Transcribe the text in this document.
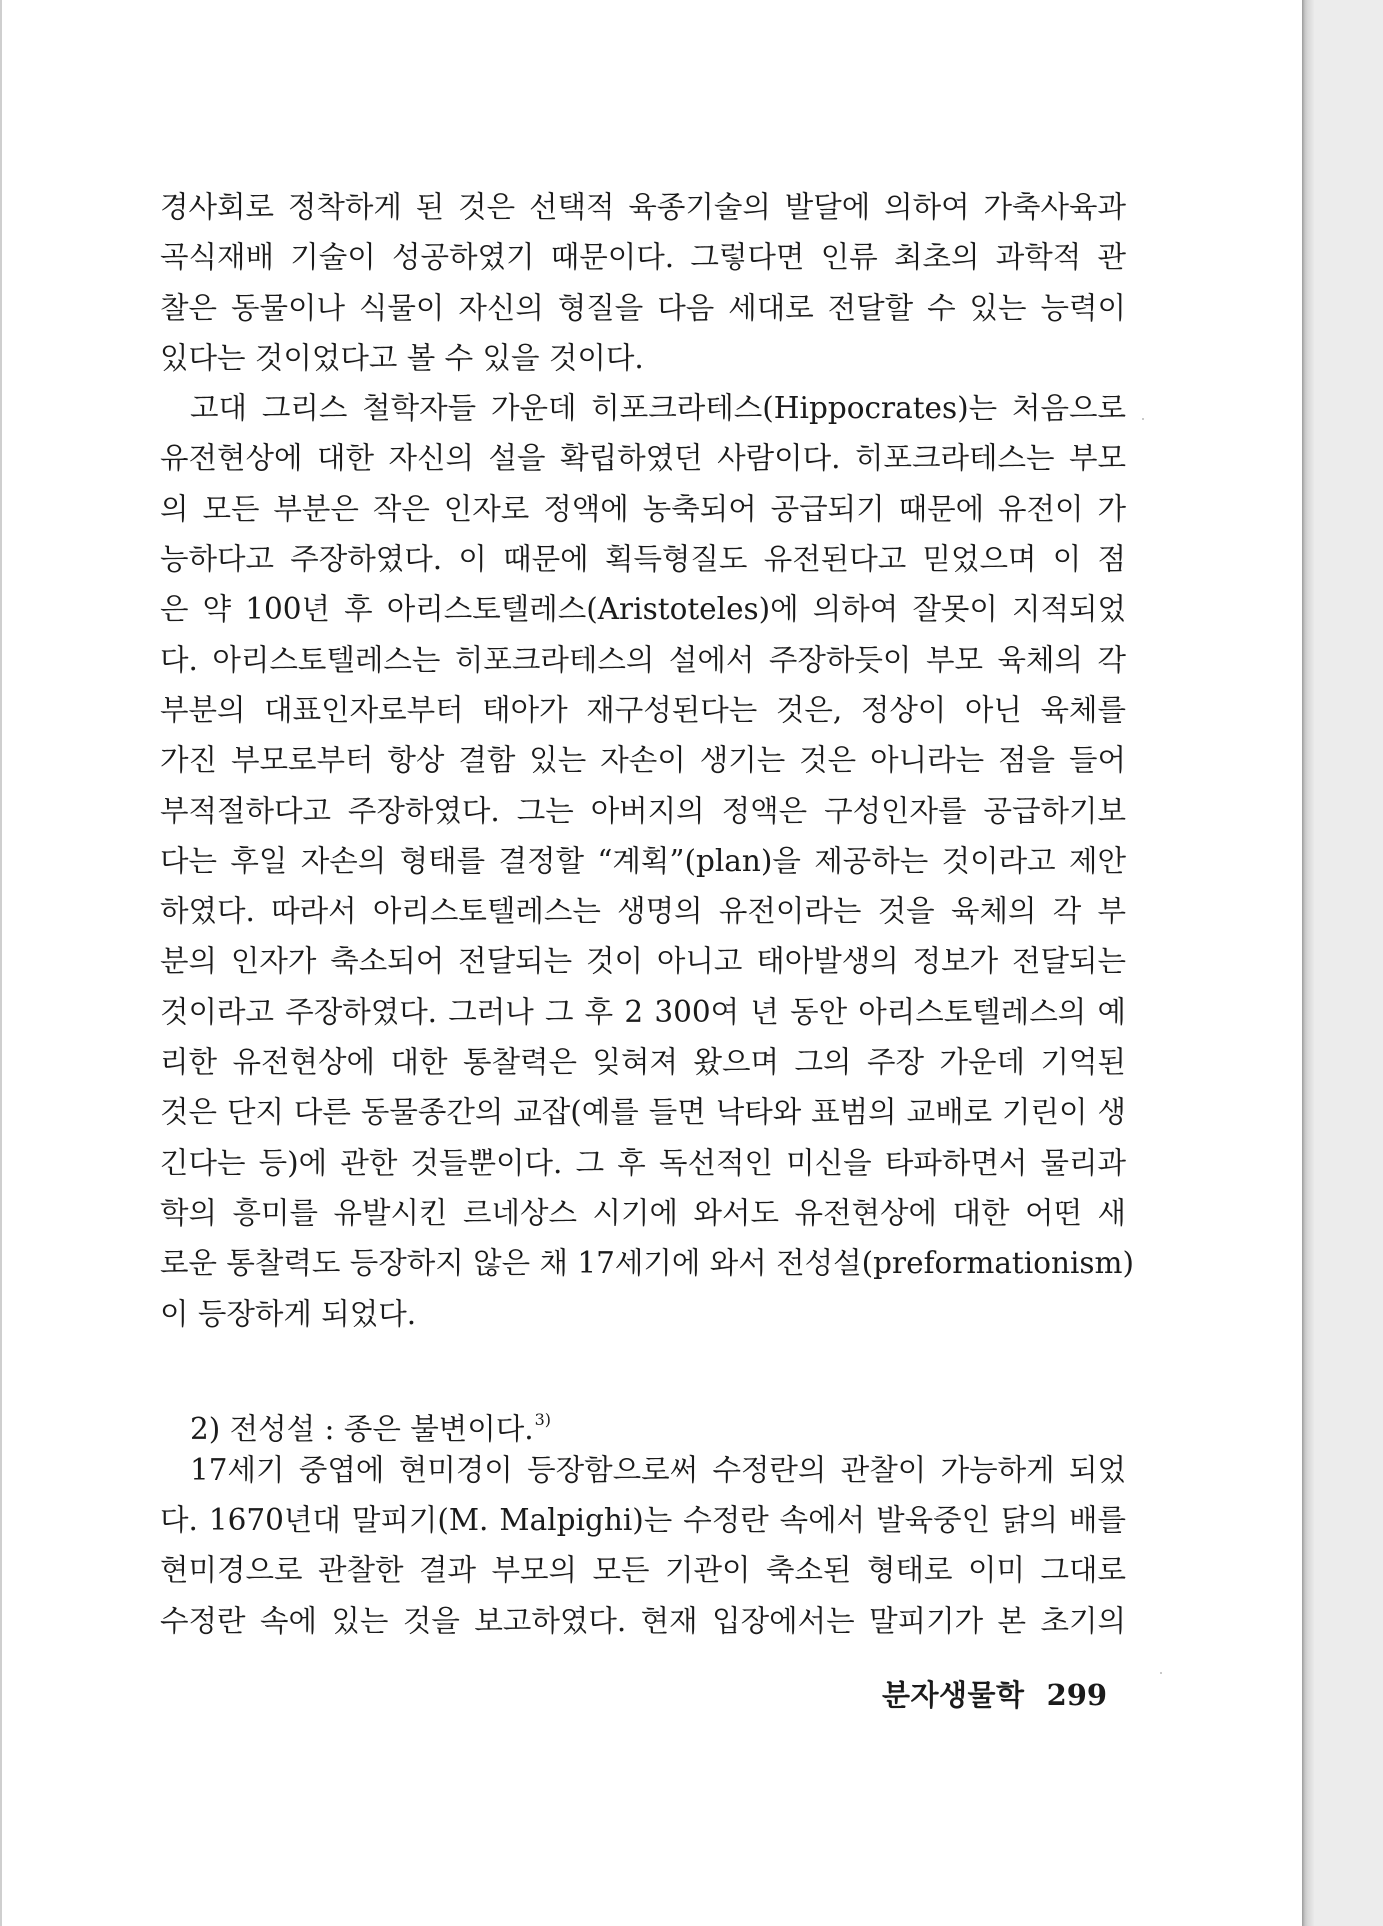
경사회로 정착하게 된 것은 선택적 육종기술의 발달에 의하여 가축사육과
곡식재배 기술이 성공하였기 때문이다. 그렇다면 인류 최초의 과학적 관
찰은 동물이나 식물이 자신의 형질을 다음 세대로 전달할 수 있는 능력이
있다는 것이었다고 볼 수 있을 것이다.
고대 그리스 철학자들 가운데 히포크라테스(Hippocrates)는 처음으로
유전현상에 대한 자신의 설을 확립하였던 사람이다. 히포크라테스는 부모
의 모든 부분은 작은 인자로 정액에 농축되어 공급되기 때문에 유전이 가
능하다고 주장하였다. 이 때문에 획득형질도 유전된다고 믿었으며 이 점
은 약 100년 후 아리스토텔레스(Aristoteles)에 의하여 잘못이 지적되었
다. 아리스토텔레스는 히포크라테스의 설에서 주장하듯이 부모 육체의 각
부분의 대표인자로부터 태아가 재구성된다는 것은, 정상이 아닌 육체를
가진 부모로부터 항상 결함 있는 자손이 생기는 것은 아니라는 점을 들어
부적절하다고 주장하였다. 그는 아버지의 정액은 구성인자를 공급하기보
다는 후일 자손의 형태를 결정할 “계획”(plan)을 제공하는 것이라고 제안
하였다. 따라서 아리스토텔레스는 생명의 유전이라는 것을 육체의 각 부
분의 인자가 축소되어 전달되는 것이 아니고 태아발생의 정보가 전달되는
것이라고 주장하였다. 그러나 그 후 2 300여 년 동안 아리스토텔레스의 예
리한 유전현상에 대한 통찰력은 잊혀져 왔으며 그의 주장 가운데 기억된
것은 단지 다른 동물종간의 교잡(예를 들면 낙타와 표범의 교배로 기린이 생
긴다는 등)에 관한 것들뿐이다. 그 후 독선적인 미신을 타파하면서 물리과
학의 흥미를 유발시킨 르네상스 시기에 와서도 유전현상에 대한 어떤 새
로운 통찰력도 등장하지 않은 채 17세기에 와서 전성설(preformationism)
이 등장하게 되었다.
2) 전성설 : 종은 불변이다.$^{3)}$
17세기 중엽에 현미경이 등장함으로써 수정란의 관찰이 가능하게 되었
다. 1670년대 말피기(M. Malpighi)는 수정란 속에서 발육중인 닭의 배를
현미경으로 관찰한 결과 부모의 모든 기관이 축소된 형태로 이미 그대로
수정란 속에 있는 것을 보고하였다. 현재 입장에서는 말피기가 본 초기의
분자생물학 299
